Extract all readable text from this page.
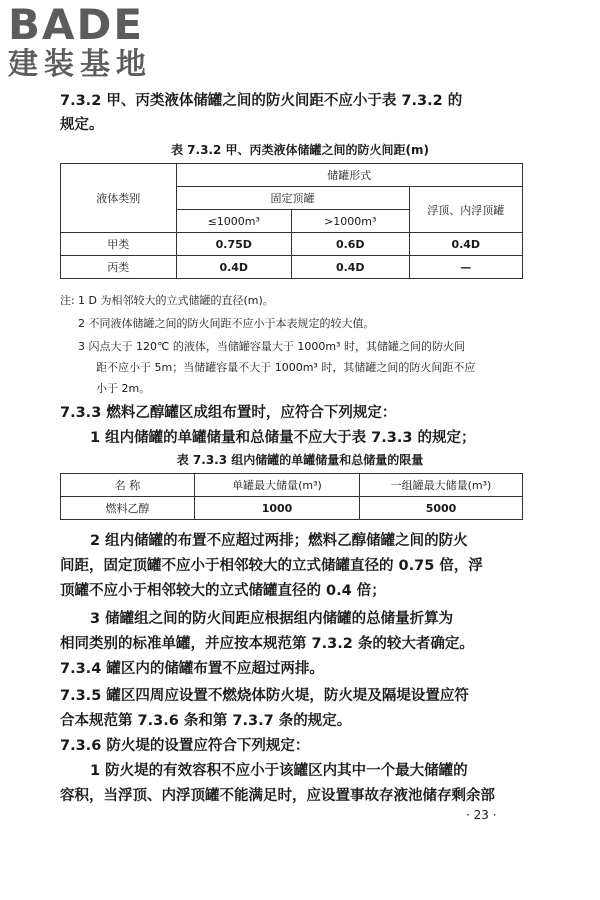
BADE
建装基地
7.3.2 甲、丙类液体储罐之间的防火间距不应小于表 7.3.2 的
规定。
表 7.3.2 甲、丙类液体储罐之间的防火间距(m)
液体类别	储罐形式		
	固定顶罐		浮顶、内浮顶罐
	≤1000m³	>1000m³	
甲类	0.75D	0.6D	0.4D
丙类	0.4D	0.4D	—
注: 1 D 为相邻较大的立式储罐的直径(m)。
2 不同液体储罐之间的防火间距不应小于本表规定的较大值。
3 闪点大于 120℃ 的液体，当储罐容量大于 1000m³ 时，其储罐之间的防火间
距不应小于 5m；当储罐容量不大于 1000m³ 时，其储罐之间的防火间距不应
小于 2m。
7.3.3 燃料乙醇罐区成组布置时，应符合下列规定：
1 组内储罐的单罐储量和总储量不应大于表 7.3.3 的规定；
表 7.3.3 组内储罐的单罐储量和总储量的限量
名 称	单罐最大储量(m³)	一组罐最大储量(m³)
燃料乙醇	1000	5000
2 组内储罐的布置不应超过两排；燃料乙醇储罐之间的防火
间距，固定顶罐不应小于相邻较大的立式储罐直径的 0.75 倍，浮
顶罐不应小于相邻较大的立式储罐直径的 0.4 倍；
3 储罐组之间的防火间距应根据组内储罐的总储量折算为
相同类别的标准单罐，并应按本规范第 7.3.2 条的较大者确定。
7.3.4 罐区内的储罐布置不应超过两排。
7.3.5 罐区四周应设置不燃烧体防火堤，防火堤及隔堤设置应符
合本规范第 7.3.6 条和第 7.3.7 条的规定。
7.3.6 防火堤的设置应符合下列规定：
1 防火堤的有效容积不应小于该罐区内其中一个最大储罐的
容积，当浮顶、内浮顶罐不能满足时，应设置事故存液池储存剩余部
· 23 ·
